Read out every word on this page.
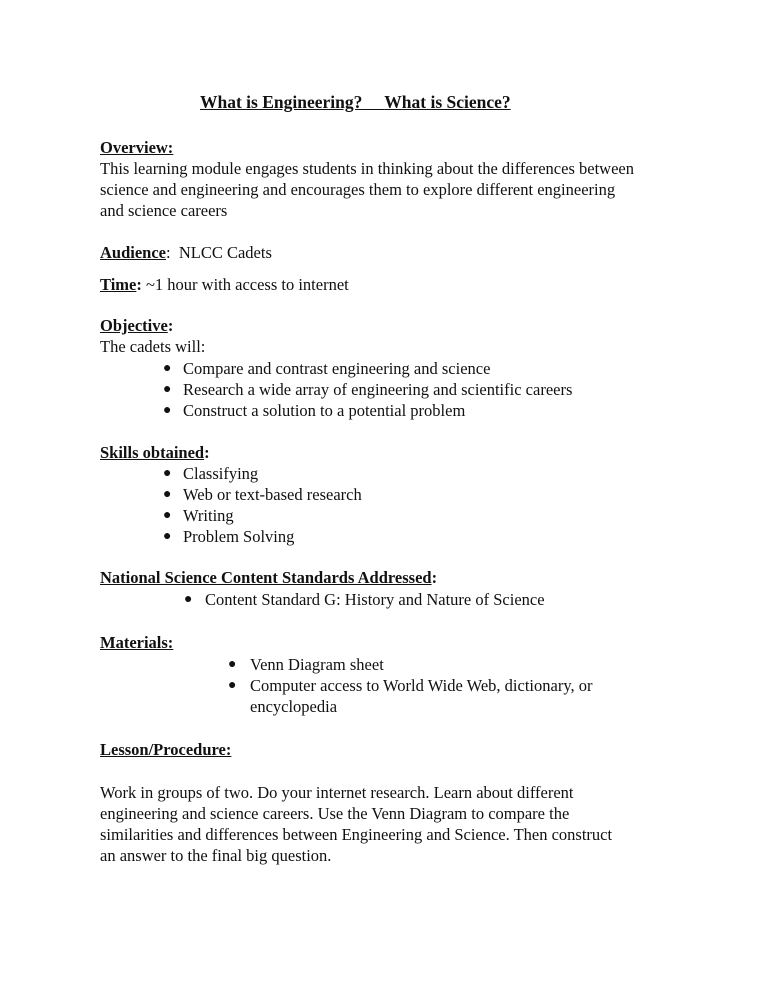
What is Engineering? What is Science?
Overview:
This learning module engages students in thinking about the differences between
science and engineering and encourages them to explore different engineering
and science careers
Audience: NLCC Cadets
Time: ~1 hour with access to internet
Objective:
The cadets will:
● Compare and contrast engineering and science
● Research a wide array of engineering and scientific careers
● Construct a solution to a potential problem
Skills obtained:
● Classifying
● Web or text-based research
● Writing
● Problem Solving
National Science Content Standards Addressed:
● Content Standard G: History and Nature of Science
Materials:
● Venn Diagram sheet
● Computer access to World Wide Web, dictionary, or
encyclopedia
Lesson/Procedure:
Work in groups of two. Do your internet research. Learn about different
engineering and science careers. Use the Venn Diagram to compare the
similarities and differences between Engineering and Science. Then construct
an answer to the final big question.
